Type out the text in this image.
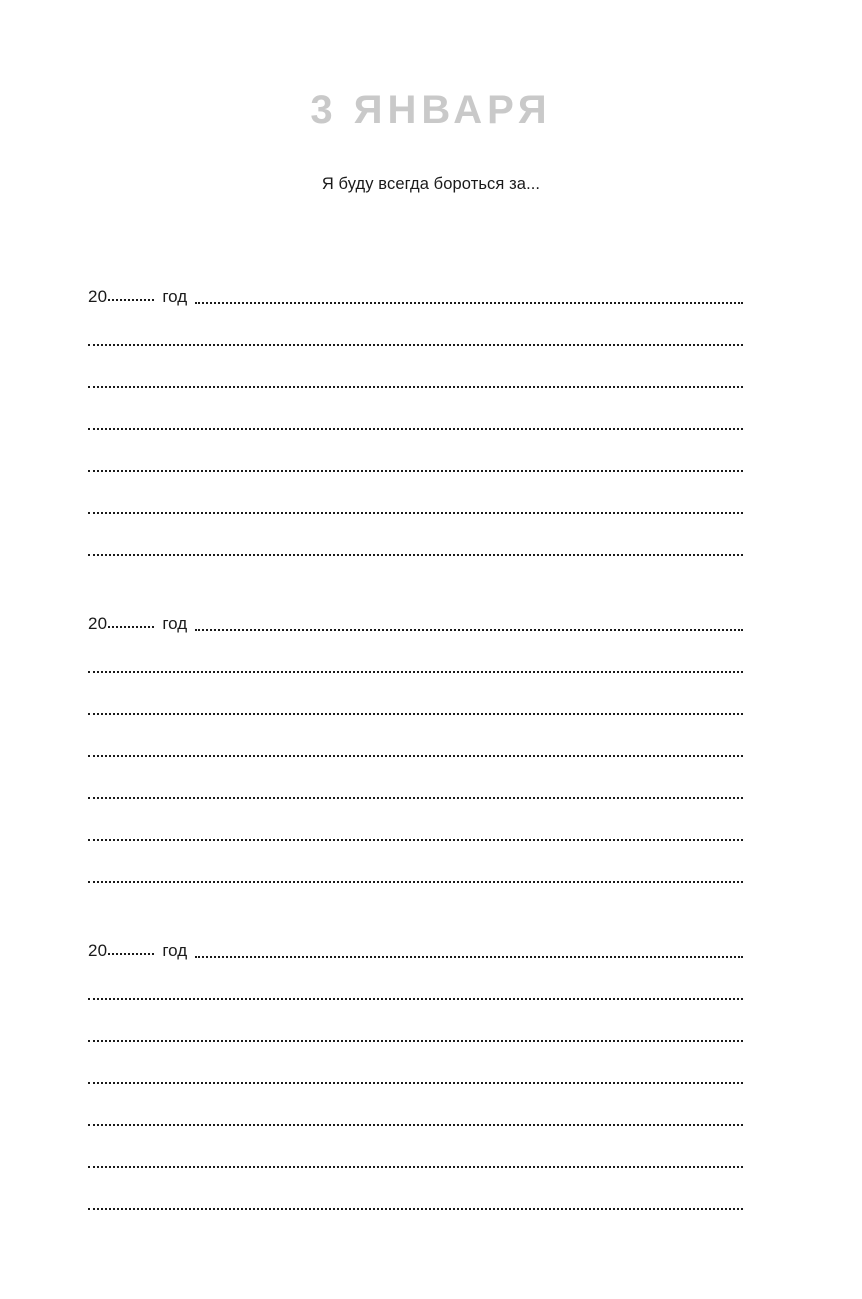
3 ЯНВАРЯ
Я буду всегда бороться за...
20	год
20	год
20	год
